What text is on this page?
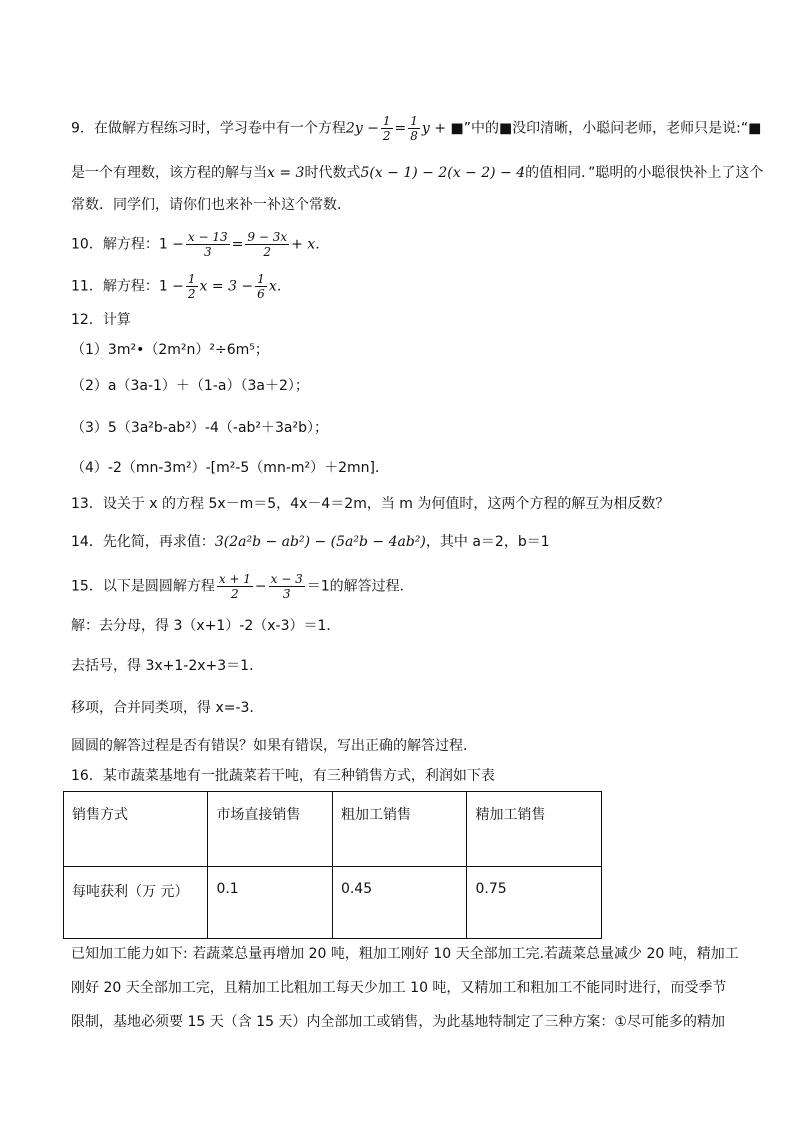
9．在做解方程练习时，学习卷中有一个方程$2y - \frac{1}{2} = \frac{1}{8}$ y + ■”中的■没印清晰，小聪问老师，老师只是说:“■
是一个有理数，该方程的解与当x = 3时代数式5(x − 1) − 2(x − 2) − 4的值相同．”聪明的小聪很快补上了这个
常数．同学们，请你们也来补一补这个常数．
10．解方程：$1 - \frac{x - 13}{3} = \frac{9 - 3x}{2} + x$．
11．解方程：$1 - \frac{1}{2}$ $x = 3 - \frac{1}{6}$ x．
12．计算
（1）3m²•（2m²n）²÷6m⁵；
（2）a（3a-1）＋（1-a）（3a＋2）；
（3）5（3a²b-ab²）-4（-ab²＋3a²b）；
（4）-2（mn-3m²）-[m²-5（mn-m²）＋2mn]．
13．设关于 x 的方程 5x－m＝5，4x－4＝2m，当 m 为何值时，这两个方程的解互为相反数？
14．先化简，再求值：3(2a²b − ab²) − (5a²b − 4ab²)，其中 a＝2，b＝1
15．以下是圆圆解方程 $\frac{x + 1}{2} - \frac{x - 3}{3} =1$的解答过程．
解：去分母，得 3（x+1）-2（x-3）＝1．
去括号，得 3x+1-2x+3＝1．
移项，合并同类项，得 x=-3．
圆圆的解答过程是否有错误？如果有错误，写出正确的解答过程．
16．某市蔬菜基地有一批蔬菜若干吨，有三种销售方式，利润如下表
销售方式	市场直接销售	粗加工销售	精加工销售
每吨获利（万 元）	0.1	0.45	0.75
已知加工能力如下: 若蔬菜总量再增加 20 吨，粗加工刚好 10 天全部加工完.若蔬菜总量减少 20 吨，精加工
刚好 20 天全部加工完，且精加工比粗加工每天少加工 10 吨，又精加工和粗加工不能同时进行，而受季节
限制，基地必须要 15 天（含 15 天）内全部加工或销售，为此基地特制定了三种方案：①尽可能多的精加
